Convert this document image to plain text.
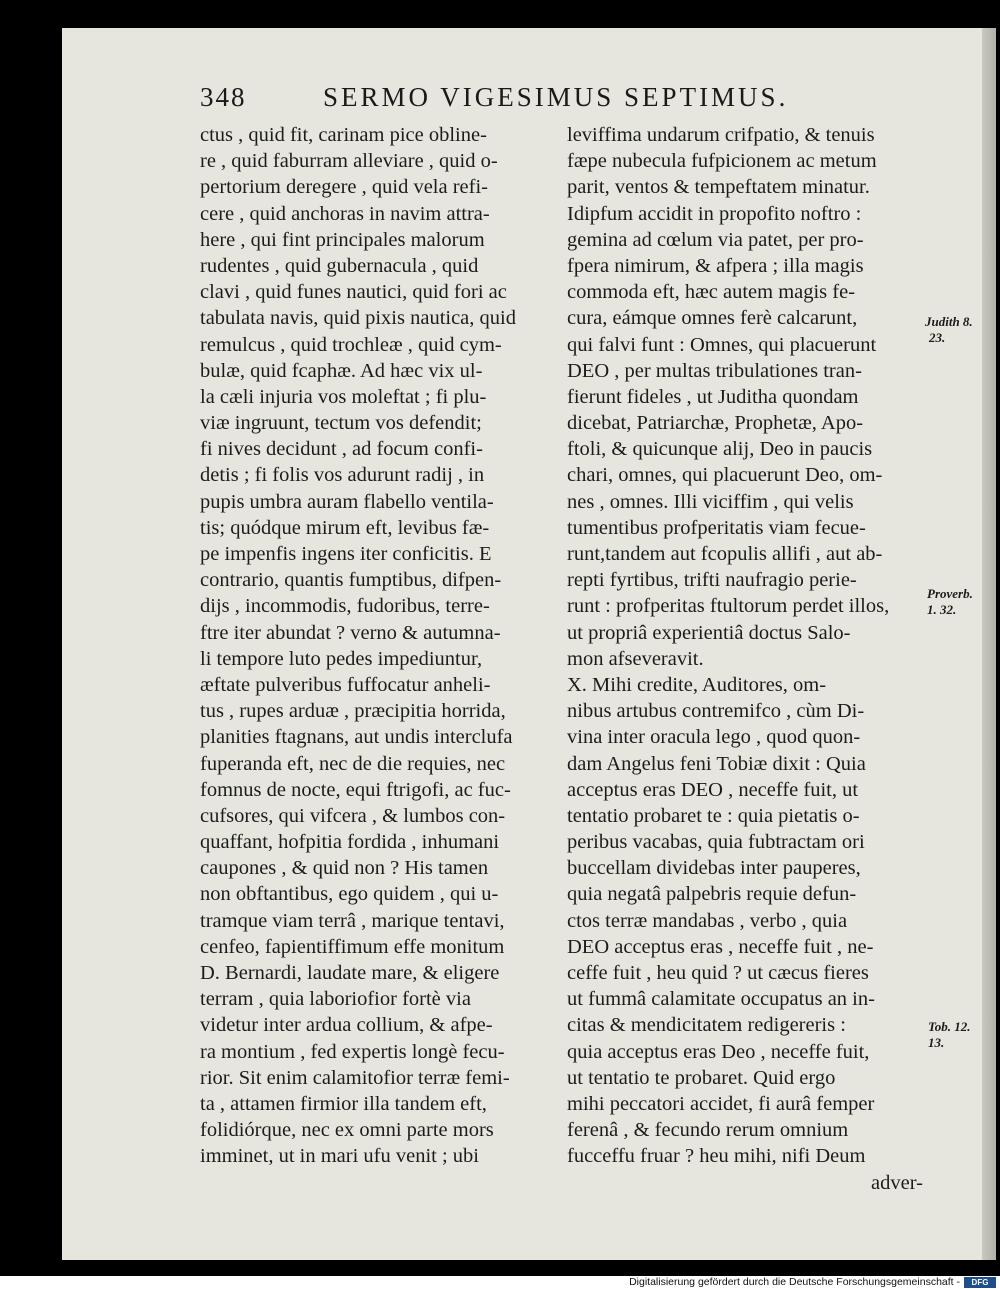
348	SERMO VIGESIMUS SEPTIMUS.
ctus , quid fit, carinam pice obline-
re , quid faburram alleviare , quid o-
pertorium deregere , quid vela refi-
cere , quid anchoras in navim attra-
here , qui fint principales malorum
rudentes , quid gubernacula , quid
clavi , quid funes nautici, quid fori ac
tabulata navis, quid pixis nautica, quid
remulcus , quid trochleæ , quid cym-
bulæ, quid fcaphæ. Ad hæc vix ul-
la cæli injuria vos moleftat ; fi plu-
viæ ingruunt, tectum vos defendit;
fi nives decidunt , ad focum confi-
detis ; fi folis vos adurunt radij , in
pupis umbra auram flabello ventila-
tis; quódque mirum eft, levibus fæ-
pe impenfis ingens iter conficitis. E
contrario, quantis fumptibus, difpen-
dijs , incommodis, fudoribus, terre-
ftre iter abundat ? verno & autumna-
li tempore luto pedes impediuntur,
æftate pulveribus fuffocatur anheli-
tus , rupes arduæ , præcipitia horrida,
planities ftagnans, aut undis interclufa
fuperanda eft, nec de die requies, nec
fomnus de nocte, equi ftrigofi, ac fuc-
cufsores, qui vifcera , & lumbos con-
quaffant, hofpitia fordida , inhumani
caupones , & quid non ? His tamen
non obftantibus, ego quidem , qui u-
tramque viam terrâ , marique tentavi,
cenfeo, fapientiffimum effe monitum
D. Bernardi, laudate mare, & eligere
terram , quia laboriofior fortè via
videtur inter ardua collium, & afpe-
ra montium , fed expertis longè fecu-
rior. Sit enim calamitofior terræ femi-
ta , attamen firmior illa tandem eft,
folidiórque, nec ex omni parte mors
imminet, ut in mari ufu venit ; ubi
leviffima undarum crifpatio, & tenuis
fæpe nubecula fufpicionem ac metum
parit, ventos & tempeftatem minatur.
Idipfum accidit in propofito noftro :
gemina ad cœlum via patet, per pro-
fpera nimirum, & afpera ; illa magis
commoda eft, hæc autem magis fe-
cura, eámque omnes ferè calcarunt,
qui falvi funt : Omnes, qui placuerunt
DEO , per multas tribulationes tran-
fierunt fideles , ut Juditha quondam
dicebat, Patriarchæ, Prophetæ, Apo-
ftoli, & quicunque alij, Deo in paucis
chari, omnes, qui placuerunt Deo, om-
nes , omnes. Illi viciffim , qui velis
tumentibus profperitatis viam fecue-
runt,tandem aut fcopulis allifi , aut ab-
repti fyrtibus, trifti naufragio perie-
runt : profperitas ftultorum perdet illos,
ut propriâ experientiâ doctus Salo-
mon afseveravit.
X. Mihi credite, Auditores, om-
nibus artubus contremifco , cùm Di-
vina inter oracula lego , quod quon-
dam Angelus feni Tobiæ dixit : Quia
acceptus eras DEO , neceffe fuit, ut
tentatio probaret te : quia pietatis o-
peribus vacabas, quia fubtractam ori
buccellam dividebas inter pauperes,
quia negatâ palpebris requie defun-
ctos terræ mandabas , verbo , quia
DEO acceptus eras , neceffe fuit , ne-
ceffe fuit , heu quid ? ut cæcus fieres
ut fummâ calamitate occupatus an in-
citas & mendicitatem redigereris :
quia acceptus eras Deo , neceffe fuit,
ut tentatio te probaret. Quid ergo
mihi peccatori accidet, fi aurâ femper
ferenâ , & fecundo rerum omnium
fucceffu fruar ? heu mihi, nifi Deum
adver-
Judith 8.
23.
Proverb.
1. 32.
Tob. 12.
13.
Digitalisierung gefördert durch die Deutsche Forschungsgemeinschaft -	DFG
